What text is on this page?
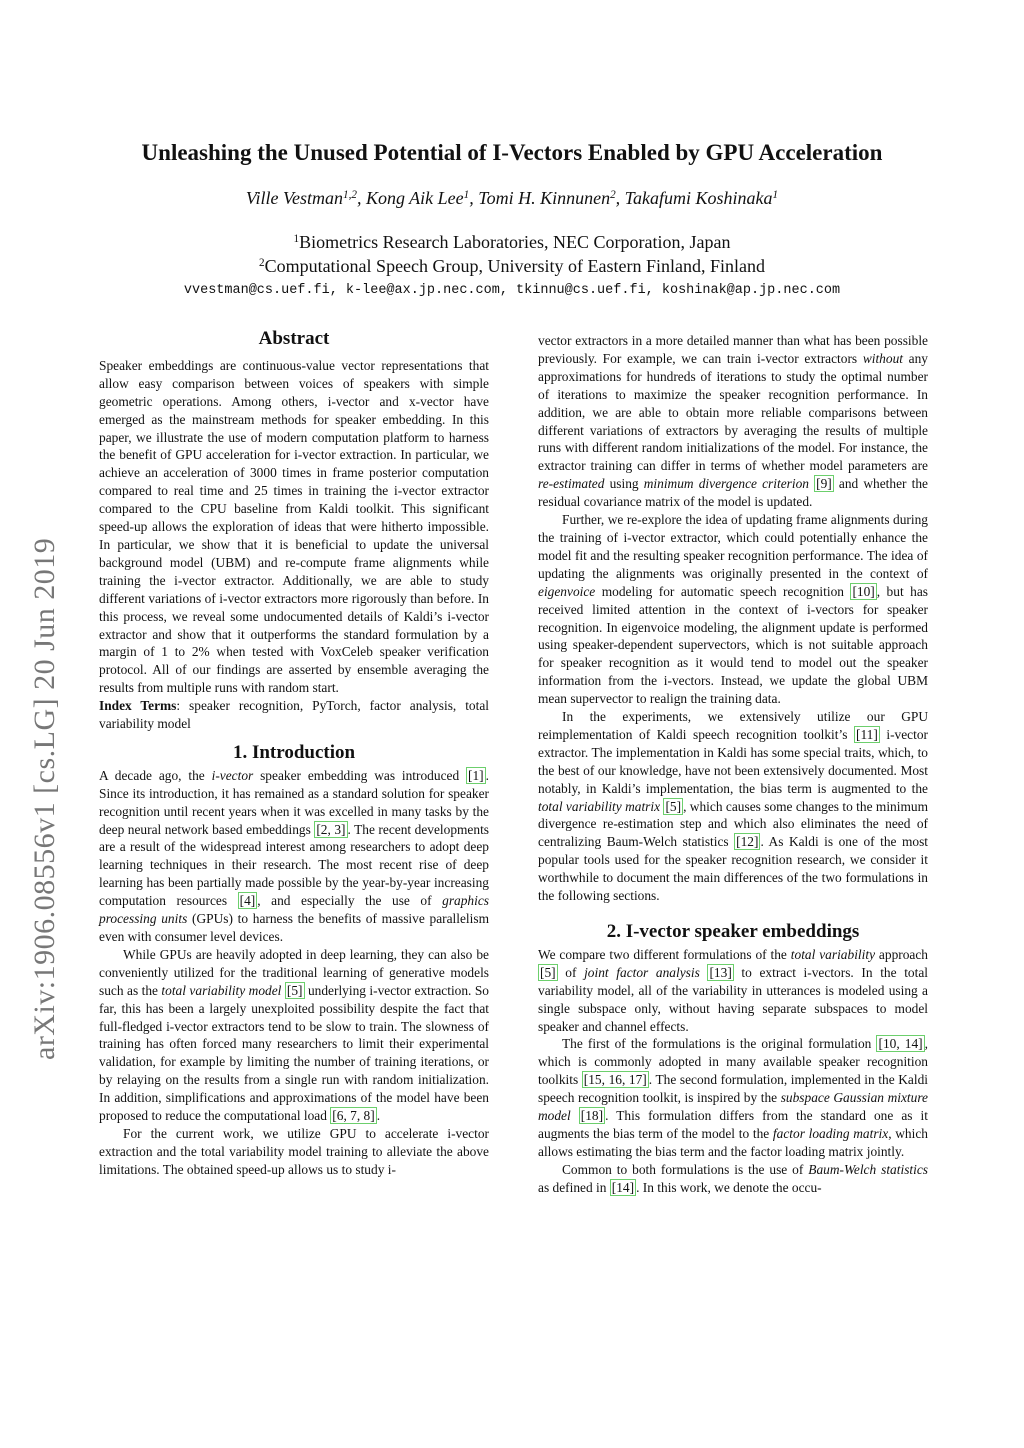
arXiv:1906.08556v1 [cs.LG] 20 Jun 2019
Unleashing the Unused Potential of I-Vectors Enabled by GPU Acceleration
Ville Vestman$^{1,2}$, Kong Aik Lee$^1$, Tomi H. Kinnunen$^2$, Takafumi Koshinaka$^1$
$^1$Biometrics Research Laboratories, NEC Corporation, Japan
$^2$Computational Speech Group, University of Eastern Finland, Finland
vvestman@cs.uef.fi, k-lee@ax.jp.nec.com, tkinnu@cs.uef.fi, koshinak@ap.jp.nec.com
Abstract

Speaker embeddings are continuous-value vector representations that allow easy comparison between voices of speakers with simple geometric operations. Among others, i-vector and x-vector have emerged as the mainstream methods for speaker embedding. In this paper, we illustrate the use of modern computation platform to harness the benefit of GPU acceleration for i-vector extraction. In particular, we achieve an acceleration of 3000 times in frame posterior computation compared to real time and 25 times in training the i-vector extractor compared to the CPU baseline from Kaldi toolkit. This significant speed-up allows the exploration of ideas that were hitherto impossible. In particular, we show that it is beneficial to update the universal background model (UBM) and re-compute frame alignments while training the i-vector extractor. Additionally, we are able to study different variations of i-vector extractors more rigorously than before. In this process, we reveal some undocumented details of Kaldi’s i-vector extractor and show that it outperforms the standard formulation by a margin of 1 to 2% when tested with VoxCeleb speaker verification protocol. All of our findings are asserted by ensemble averaging the results from multiple runs with random start.

Index Terms: speaker recognition, PyTorch, factor analysis, total variability model

1. Introduction

A decade ago, the i-vector speaker embedding was introduced [1] . Since its introduction, it has remained as a standard solution for speaker recognition until recent years when it was excelled in many tasks by the deep neural network based embeddings [2, 3] . The recent developments are a result of the widespread interest among researchers to adopt deep learning techniques in their research. The most recent rise of deep learning has been partially made possible by the year-by-year increasing computation resources [4] , and especially the use of graphics processing units (GPUs) to harness the benefits of massive parallelism even with consumer level devices.

While GPUs are heavily adopted in deep learning, they can also be conveniently utilized for the traditional learning of generative models such as the total variability model [5] underlying i-vector extraction. So far, this has been a largely unexploited possibility despite the fact that full-fledged i-vector extractors tend to be slow to train. The slowness of training has often forced many researchers to limit their experimental validation, for example by limiting the number of training iterations, or by relaying on the results from a single run with random initialization. In addition, simplifications and approximations of the model have been proposed to reduce the computational load [6, 7, 8] .

For the current work, we utilize GPU to accelerate i-vector extraction and the total variability model training to alleviate the above limitations. The obtained speed-up allows us to study i-

vector extractors in a more detailed manner than what has been possible previously. For example, we can train i-vector extractors without any approximations for hundreds of iterations to study the optimal number of iterations to maximize the speaker recognition performance. In addition, we are able to obtain more reliable comparisons between different variations of extractors by averaging the results of multiple runs with different random initializations of the model. For instance, the extractor training can differ in terms of whether model parameters are re-estimated using minimum divergence criterion [9] and whether the residual covariance matrix of the model is updated.

Further, we re-explore the idea of updating frame alignments during the training of i-vector extractor, which could potentially enhance the model fit and the resulting speaker recognition performance. The idea of updating the alignments was originally presented in the context of eigenvoice modeling for automatic speech recognition [10] , but has received limited attention in the context of i-vectors for speaker recognition. In eigenvoice modeling, the alignment update is performed using speaker-dependent supervectors, which is not suitable approach for speaker recognition as it would tend to model out the speaker information from the i-vectors. Instead, we update the global UBM mean supervector to realign the training data.

In the experiments, we extensively utilize our GPU reimplementation of Kaldi speech recognition toolkit’s [11] i-vector extractor. The implementation in Kaldi has some special traits, which, to the best of our knowledge, have not been extensively documented. Most notably, in Kaldi’s implementation, the bias term is augmented to the total variability matrix [5] , which causes some changes to the minimum divergence re-estimation step and which also eliminates the need of centralizing Baum-Welch statistics [12] . As Kaldi is one of the most popular tools used for the speaker recognition research, we consider it worthwhile to document the main differences of the two formulations in the following sections.

2. I-vector speaker embeddings

We compare two different formulations of the total variability approach [5] of joint factor analysis [13] to extract i-vectors. In the total variability model, all of the variability in utterances is modeled using a single subspace only, without having separate subspaces to model speaker and channel effects.

The first of the formulations is the original formulation [10, 14] , which is commonly adopted in many available speaker recognition toolkits [15, 16, 17] . The second formulation, implemented in the Kaldi speech recognition toolkit, is inspired by the subspace Gaussian mixture model [18] . This formulation differs from the standard one as it augments the bias term of the model to the factor loading matrix, which allows estimating the bias term and the factor loading matrix jointly.

Common to both formulations is the use of Baum-Welch statistics as defined in [14] . In this work, we denote the occu-
